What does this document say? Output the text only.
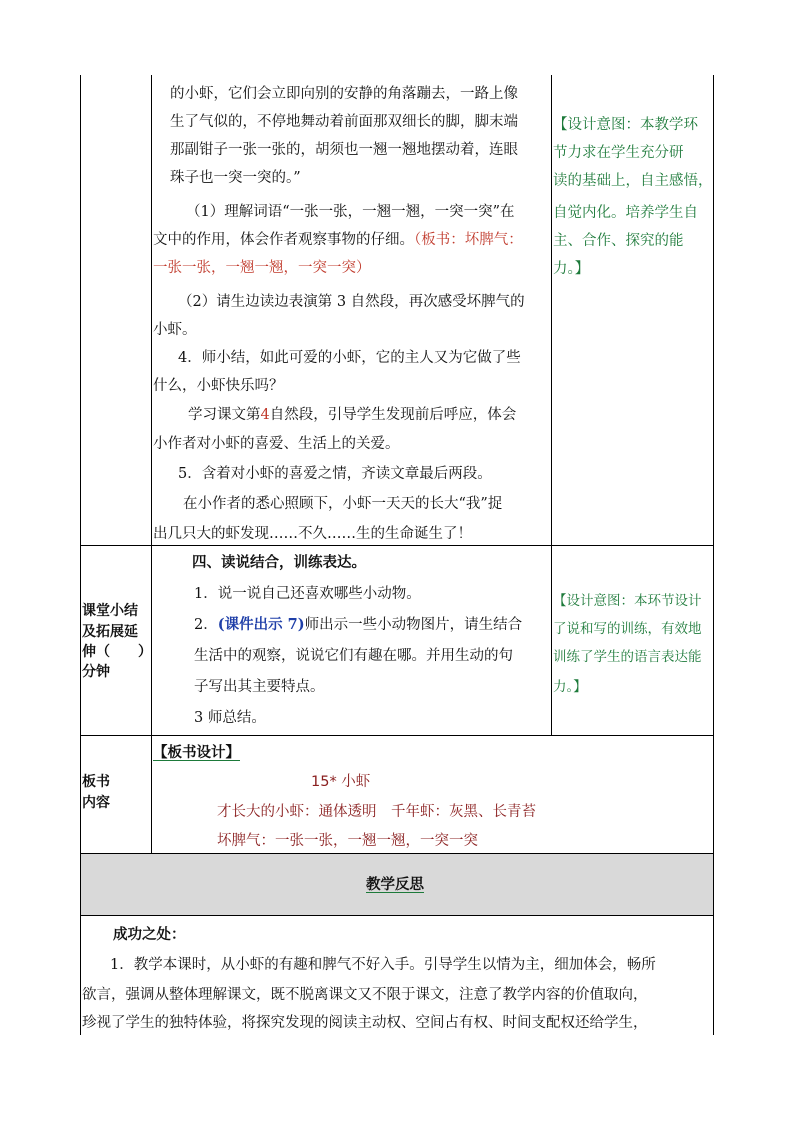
的小虾，它们会立即向别的安静的角落蹦去，一路上像
生了气似的，不停地舞动着前面那双细长的脚，脚末端
那副钳子一张一张的，胡须也一翘一翘地摆动着，连眼
珠子也一突一突的。”
（1）理解词语“一张一张，一翘一翘，一突一突”在
文中的作用，体会作者观察事物的仔细。（板书：坏脾气：
一张一张，一翘一翘，一突一突）
（2）请生边读边表演第 3 自然段，再次感受坏脾气的
小虾。
4．师小结，如此可爱的小虾，它的主人又为它做了些
什么，小虾快乐吗？
学习课文第4自然段，引导学生发现前后呼应，体会
小作者对小虾的喜爱、生活上的关爱。
5．含着对小虾的喜爱之情，齐读文章最后两段。
在小作者的悉心照顾下，小虾一天天的长大“我”捉
出几只大的虾发现……不久……生的生命诞生了！
【设计意图：本教学环
节力求在学生充分研
读的基础上，自主感悟，
自觉内化。培养学生自
主、合作、探究的能
力。】
课堂小结
及拓展延
伸（　　）
分钟
四、读说结合，训练表达。
1．说一说自己还喜欢哪些小动物。
2．(课件出示 7)师出示一些小动物图片，请生结合
生活中的观察，说说它们有趣在哪。并用生动的句
子写出其主要特点。
3 师总结。
【设计意图：本环节设计
了说和写的训练，有效地
训练了学生的语言表达能
力。】
板书
内容
【板书设计】
15* 小虾
才长大的小虾：通体透明　千年虾：灰黑、长青苔
坏脾气：一张一张，一翘一翘，一突一突
教学反思
成功之处：
1．教学本课时，从小虾的有趣和脾气不好入手。引导学生以情为主，细加体会，畅所
欲言，强调从整体理解课文，既不脱离课文又不限于课文，注意了教学内容的价值取向，
珍视了学生的独特体验，将探究发现的阅读主动权、空间占有权、时间支配权还给学生，
